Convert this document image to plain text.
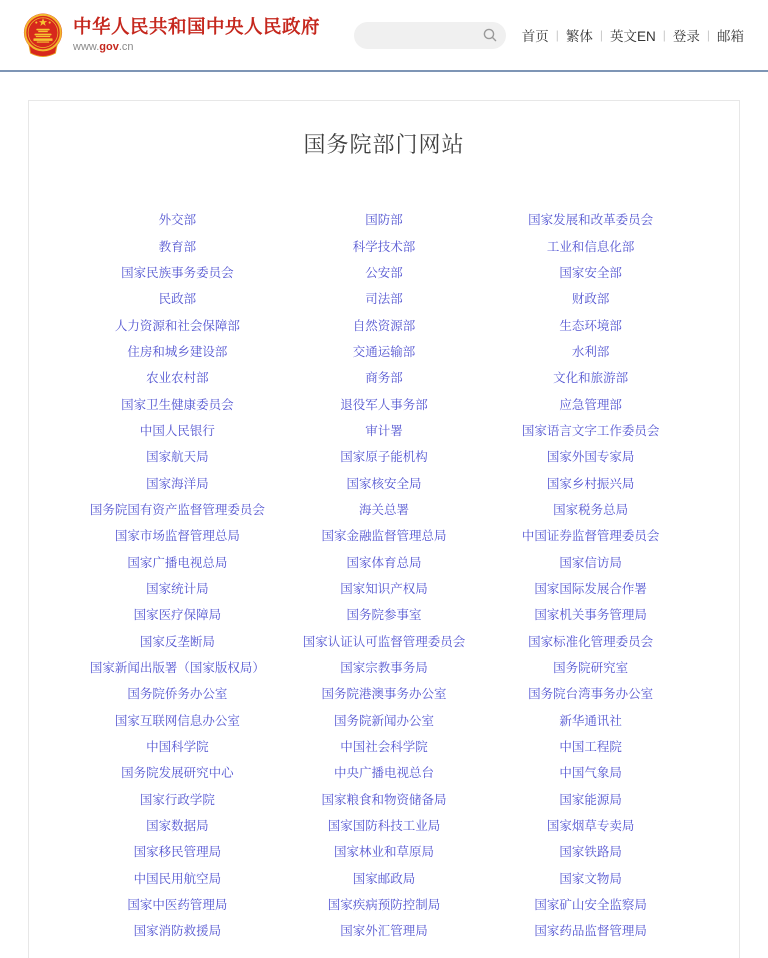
中华人民共和国中央人民政府
www.gov.cn
首页 | 繁体 | 英文EN | 登录 | 邮箱
国务院部门网站
外交部	国防部	国家发展和改革委员会
教育部	科学技术部	工业和信息化部
国家民族事务委员会	公安部	国家安全部
民政部	司法部	财政部
人力资源和社会保障部	自然资源部	生态环境部
住房和城乡建设部	交通运输部	水利部
农业农村部	商务部	文化和旅游部
国家卫生健康委员会	退役军人事务部	应急管理部
中国人民银行	审计署	国家语言文字工作委员会
国家航天局	国家原子能机构	国家外国专家局
国家海洋局	国家核安全局	国家乡村振兴局
国务院国有资产监督管理委员会	海关总署	国家税务总局
国家市场监督管理总局	国家金融监督管理总局	中国证券监督管理委员会
国家广播电视总局	国家体育总局	国家信访局
国家统计局	国家知识产权局	国家国际发展合作署
国家医疗保障局	国务院参事室	国家机关事务管理局
国家反垄断局	国家认证认可监督管理委员会	国家标准化管理委员会
国家新闻出版署（国家版权局）	国家宗教事务局	国务院研究室
国务院侨务办公室	国务院港澳事务办公室	国务院台湾事务办公室
国家互联网信息办公室	国务院新闻办公室	新华通讯社
中国科学院	中国社会科学院	中国工程院
国务院发展研究中心	中央广播电视总台	中国气象局
国家行政学院	国家粮食和物资储备局	国家能源局
国家数据局	国家国防科技工业局	国家烟草专卖局
国家移民管理局	国家林业和草原局	国家铁路局
中国民用航空局	国家邮政局	国家文物局
国家中医药管理局	国家疾病预防控制局	国家矿山安全监察局
国家消防救援局	国家外汇管理局	国家药品监督管理局
